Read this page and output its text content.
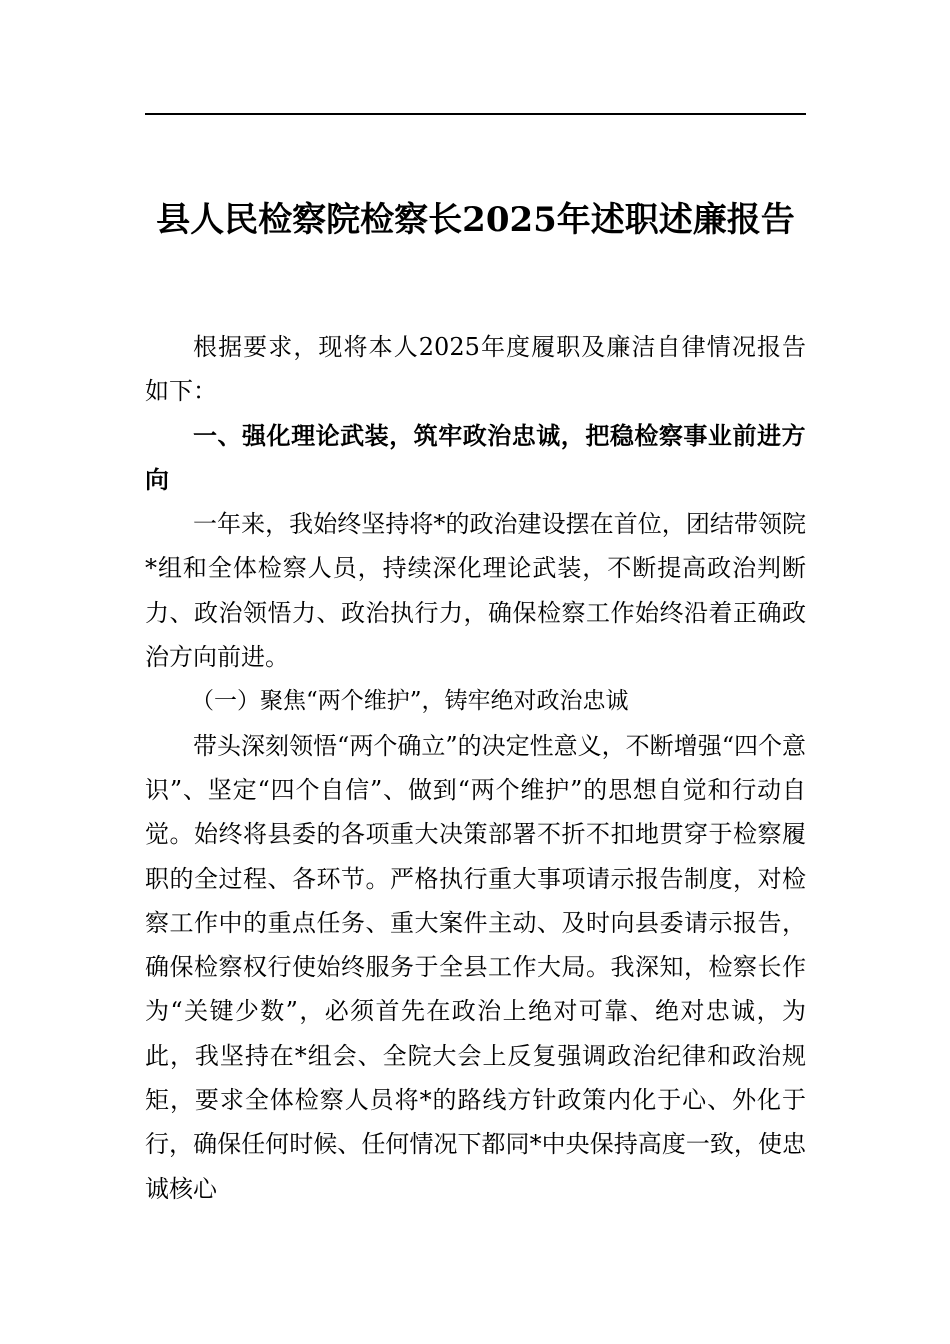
县人民检察院检察长2025年述职述廉报告

根据要求，现将本人2025年度履职及廉洁自律情况报告如下：

一、强化理论武装，筑牢政治忠诚，把稳检察事业前进方向

一年来，我始终坚持将*的政治建设摆在首位，团结带领院*组和全体检察人员，持续深化理论武装，不断提高政治判断力、政治领悟力、政治执行力，确保检察工作始终沿着正确政治方向前进。

（一）聚焦“两个维护”，铸牢绝对政治忠诚

带头深刻领悟“两个确立”的决定性意义，不断增强“四个意识”、坚定“四个自信”、做到“两个维护”的思想自觉和行动自觉。始终将县委的各项重大决策部署不折不扣地贯穿于检察履职的全过程、各环节。严格执行重大事项请示报告制度，对检察工作中的重点任务、重大案件主动、及时向县委请示报告，确保检察权行使始终服务于全县工作大局。我深知，检察长作为“关键少数”，必须首先在政治上绝对可靠、绝对忠诚，为此，我坚持在*组会、全院大会上反复强调政治纪律和政治规矩，要求全体检察人员将*的路线方针政策内化于心、外化于行，确保任何时候、任何情况下都同*中央保持高度一致，使忠诚核心
